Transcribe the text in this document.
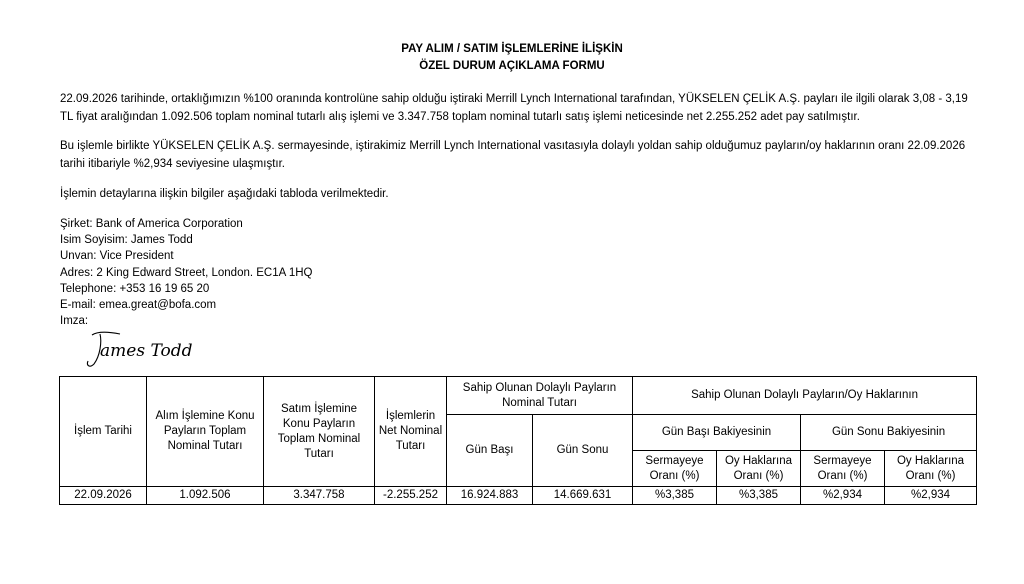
PAY ALIM / SATIM İŞLEMLERİNE İLİŞKİN
ÖZEL DURUM AÇIKLAMA FORMU
22.09.2026 tarihinde, ortaklığımızın %100 oranında kontrolüne sahip olduğu iştiraki Merrill Lynch International tarafından, YÜKSELEN ÇELİK A.Ş. payları ile ilgili olarak 3,08 - 3,19 TL fiyat aralığından 1.092.506 toplam nominal tutarlı alış işlemi ve 3.347.758 toplam nominal tutarlı satış işlemi neticesinde net 2.255.252 adet pay satılmıştır.
Bu işlemle birlikte YÜKSELEN ÇELİK A.Ş. sermayesinde, iştirakimiz Merrill Lynch International vasıtasıyla dolaylı yoldan sahip olduğumuz payların/oy haklarının oranı 22.09.2026 tarihi itibariyle %2,934 seviyesine ulaşmıştır.
İşlemin detaylarına ilişkin bilgiler aşağıdaki tabloda verilmektedir.
Şirket: Bank of America Corporation
Isim Soyisim: James Todd
Unvan: Vice President
Adres: 2 King Edward Street, London. EC1A 1HQ
Telephone: +353 16 19 65 20
E-mail: emea.great@bofa.com
Imza:
ames Todd
İşlem Tarihi	Alım İşlemine Konu Payların Toplam Nominal Tutarı	Satım İşlemine Konu Payların Toplam Nominal Tutarı	İşlemlerin Net Nominal Tutarı	Sahip Olunan Dolaylı Payların Nominal Tutarı		Sahip Olunan Dolaylı Payların/Oy Haklarının			
				Gün Başı	Gün Sonu	Gün Başı Bakiyesinin		Gün Sonu Bakiyesinin	
						Sermayeye Oranı (%)	Oy Haklarına Oranı (%)	Sermayeye Oranı (%)	Oy Haklarına Oranı (%)
22.09.2026	1.092.506	3.347.758	-2.255.252	16.924.883	14.669.631	%3,385	%3,385	%2,934	%2,934
